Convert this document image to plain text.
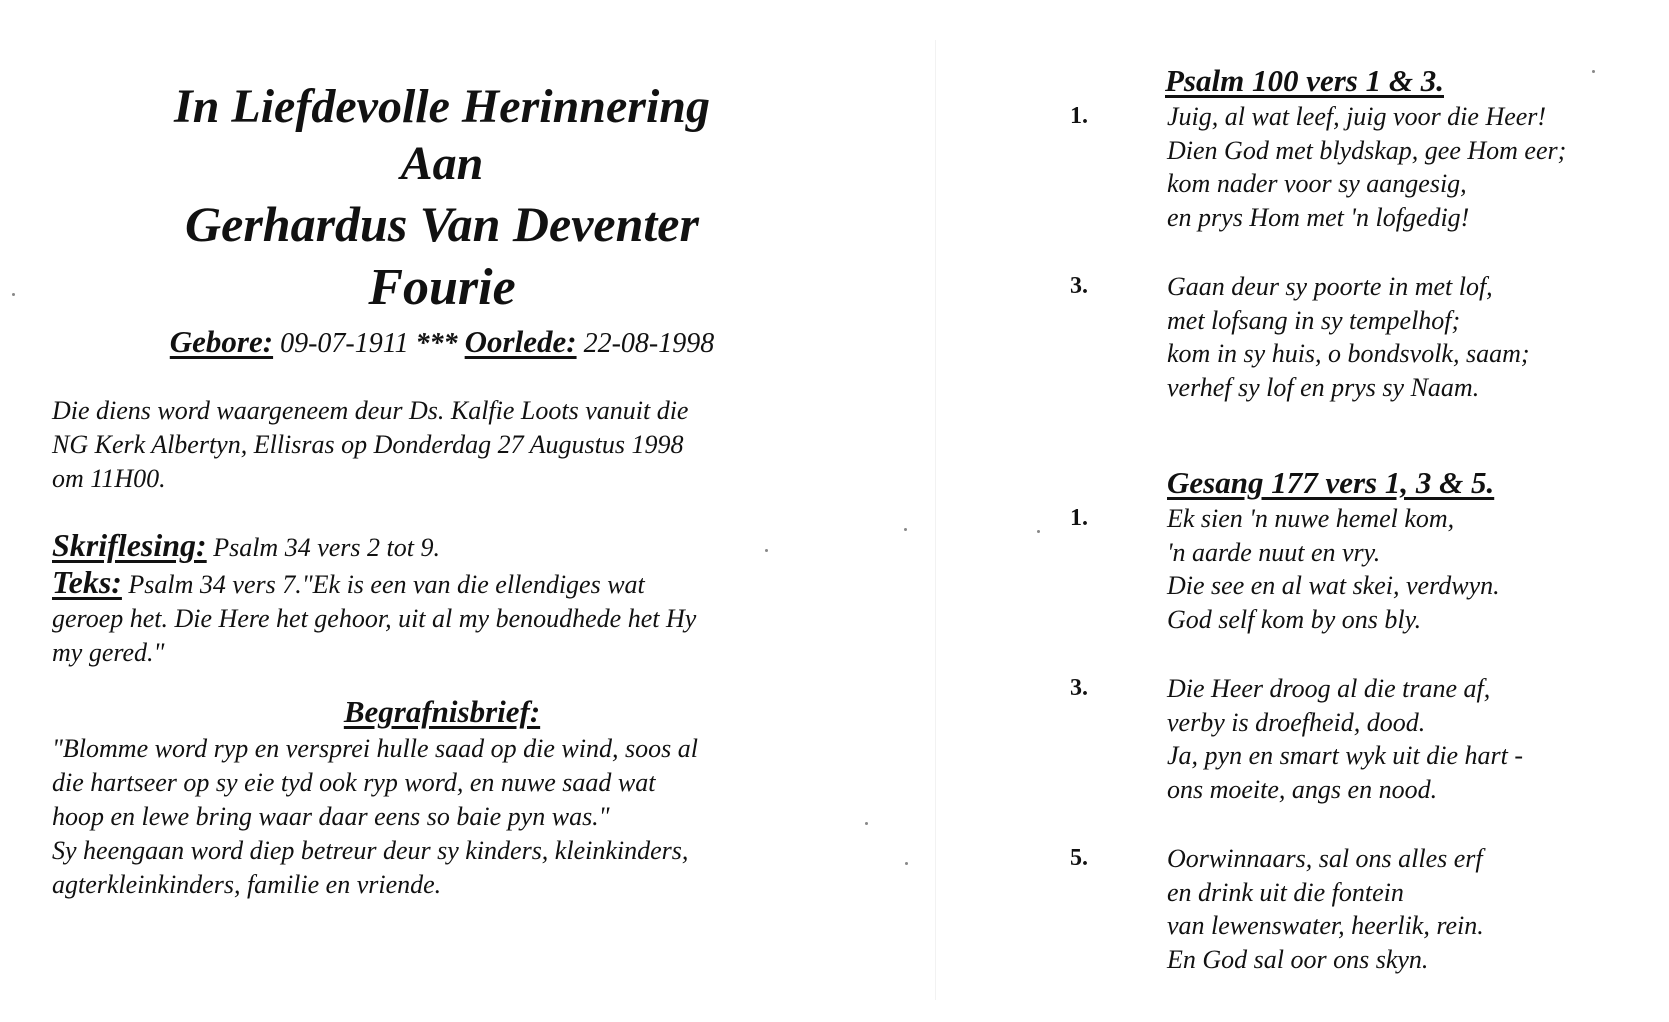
In Liefdevolle Herinnering
Aan
Gerhardus Van Deventer
Fourie
Gebore: 09-07-1911 *** Oorlede: 22-08-1998
Die diens word waargeneem deur Ds. Kalfie Loots vanuit die
NG Kerk Albertyn, Ellisras op Donderdag 27 Augustus 1998
om 11H00.
Skriflesing: Psalm 34 vers 2 tot 9.
Teks: Psalm 34 vers 7."Ek is een van die ellendiges wat
geroep het. Die Here het gehoor, uit al my benoudhede het Hy
my gered."
Begrafnisbrief:
"Blomme word ryp en versprei hulle saad op die wind, soos al
die hartseer op sy eie tyd ook ryp word, en nuwe saad wat
hoop en lewe bring waar daar eens so baie pyn was."
Sy heengaan word diep betreur deur sy kinders, kleinkinders,
agterkleinkinders, familie en vriende.
Psalm 100 vers 1 & 3.
1.	Juig, al wat leef, juig voor die Heer!
Dien God met blydskap, gee Hom eer;
kom nader voor sy aangesig,
en prys Hom met 'n lofgedig!
3.	Gaan deur sy poorte in met lof,
met lofsang in sy tempelhof;
kom in sy huis, o bondsvolk, saam;
verhef sy lof en prys sy Naam.
Gesang 177 vers 1, 3 & 5.
1.	Ek sien 'n nuwe hemel kom,
'n aarde nuut en vry.
Die see en al wat skei, verdwyn.
God self kom by ons bly.
3.	Die Heer droog al die trane af,
verby is droefheid, dood.
Ja, pyn en smart wyk uit die hart -
ons moeite, angs en nood.
5.	Oorwinnaars, sal ons alles erf
en drink uit die fontein
van lewenswater, heerlik, rein.
En God sal oor ons skyn.
